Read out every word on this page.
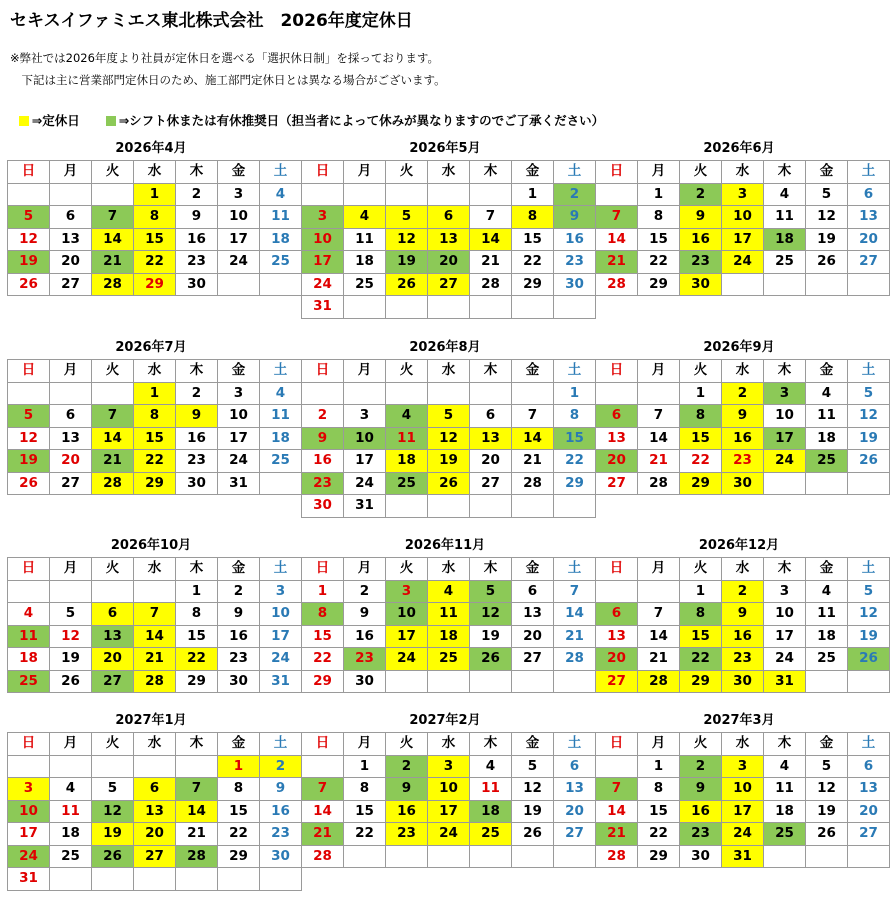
セキスイファミエス東北株式会社　2026年度定休日
※弊社では2026年度より社員が定休日を選べる「選択休日制」を採っております。
　下記は主に営業部門定休日のため、施工部門定休日とは異なる場合がございます。

⇒定休日	⇒シフト休または有休推奨日（担当者によって休みが異なりますのでご了承ください）

2026年4月
日	月	火	水	木	金	土
			1	2	3	4
5	6	7	8	9	10	11
12	13	14	15	16	17	18
19	20	21	22	23	24	25
26	27	28	29	30		
2026年5月
日	月	火	水	木	金	土
					1	2
3	4	5	6	7	8	9
10	11	12	13	14	15	16
17	18	19	20	21	22	23
24	25	26	27	28	29	30
31						
2026年6月
日	月	火	水	木	金	土
	1	2	3	4	5	6
7	8	9	10	11	12	13
14	15	16	17	18	19	20
21	22	23	24	25	26	27
28	29	30				
2026年7月
日	月	火	水	木	金	土
			1	2	3	4
5	6	7	8	9	10	11
12	13	14	15	16	17	18
19	20	21	22	23	24	25
26	27	28	29	30	31	
2026年8月
日	月	火	水	木	金	土
						1
2	3	4	5	6	7	8
9	10	11	12	13	14	15
16	17	18	19	20	21	22
23	24	25	26	27	28	29
30	31					
2026年9月
日	月	火	水	木	金	土
		1	2	3	4	5
6	7	8	9	10	11	12
13	14	15	16	17	18	19
20	21	22	23	24	25	26
27	28	29	30			
2026年10月
日	月	火	水	木	金	土
				1	2	3
4	5	6	7	8	9	10
11	12	13	14	15	16	17
18	19	20	21	22	23	24
25	26	27	28	29	30	31
2026年11月
日	月	火	水	木	金	土
1	2	3	4	5	6	7
8	9	10	11	12	13	14
15	16	17	18	19	20	21
22	23	24	25	26	27	28
29	30					
2026年12月
日	月	火	水	木	金	土
		1	2	3	4	5
6	7	8	9	10	11	12
13	14	15	16	17	18	19
20	21	22	23	24	25	26
27	28	29	30	31		
2027年1月
日	月	火	水	木	金	土
					1	2
3	4	5	6	7	8	9
10	11	12	13	14	15	16
17	18	19	20	21	22	23
24	25	26	27	28	29	30
31						
2027年2月
日	月	火	水	木	金	土
	1	2	3	4	5	6
7	8	9	10	11	12	13
14	15	16	17	18	19	20
21	22	23	24	25	26	27
28						
2027年3月
日	月	火	水	木	金	土
	1	2	3	4	5	6
7	8	9	10	11	12	13
14	15	16	17	18	19	20
21	22	23	24	25	26	27
28	29	30	31			
